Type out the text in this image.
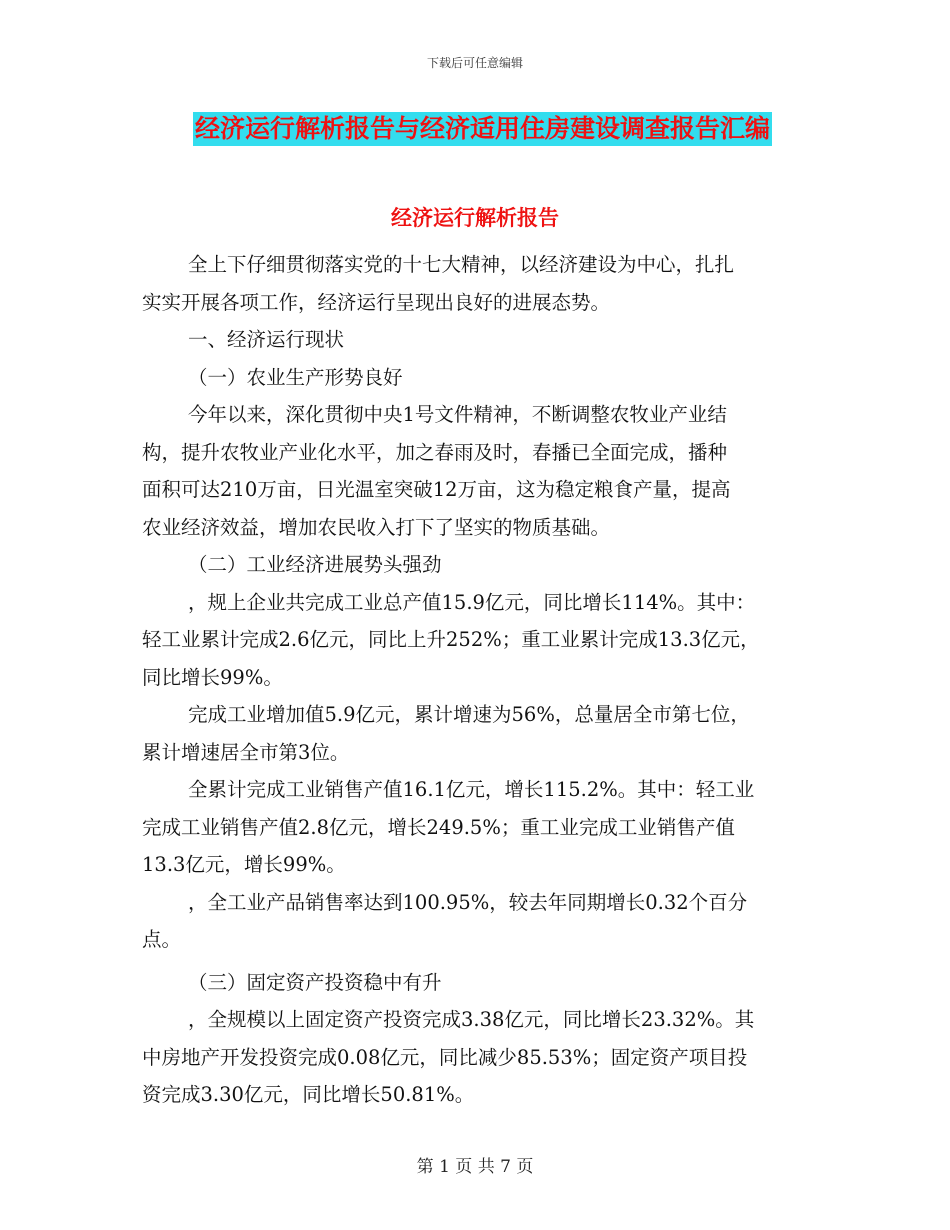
下载后可任意编辑
经济运行解析报告与经济适用住房建设调查报告汇编
经济运行解析报告
全上下仔细贯彻落实党的十七大精神，以经济建设为中心，扎扎
实实开展各项工作，经济运行呈现出良好的进展态势。
一、经济运行现状
（一）农业生产形势良好
今年以来，深化贯彻中央1号文件精神，不断调整农牧业产业结
构，提升农牧业产业化水平，加之春雨及时，春播已全面完成，播种
面积可达210万亩，日光温室突破12万亩，这为稳定粮食产量，提高
农业经济效益，增加农民收入打下了坚实的物质基础。
（二）工业经济进展势头强劲
，规上企业共完成工业总产值15.9亿元，同比增长114%。其中：
轻工业累计完成2.6亿元，同比上升252%；重工业累计完成13.3亿元，
同比增长99%。
完成工业增加值5.9亿元，累计增速为56%，总量居全市第七位，
累计增速居全市第3位。
全累计完成工业销售产值16.1亿元，增长115.2%。其中：轻工业
完成工业销售产值2.8亿元，增长249.5%；重工业完成工业销售产值
13.3亿元，增长99%。
，全工业产品销售率达到100.95%，较去年同期增长0.32个百分
点。
（三）固定资产投资稳中有升
，全规模以上固定资产投资完成3.38亿元，同比增长23.32%。其
中房地产开发投资完成0.08亿元，同比减少85.53%；固定资产项目投
资完成3.30亿元，同比增长50.81%。
第 1 页 共 7 页
